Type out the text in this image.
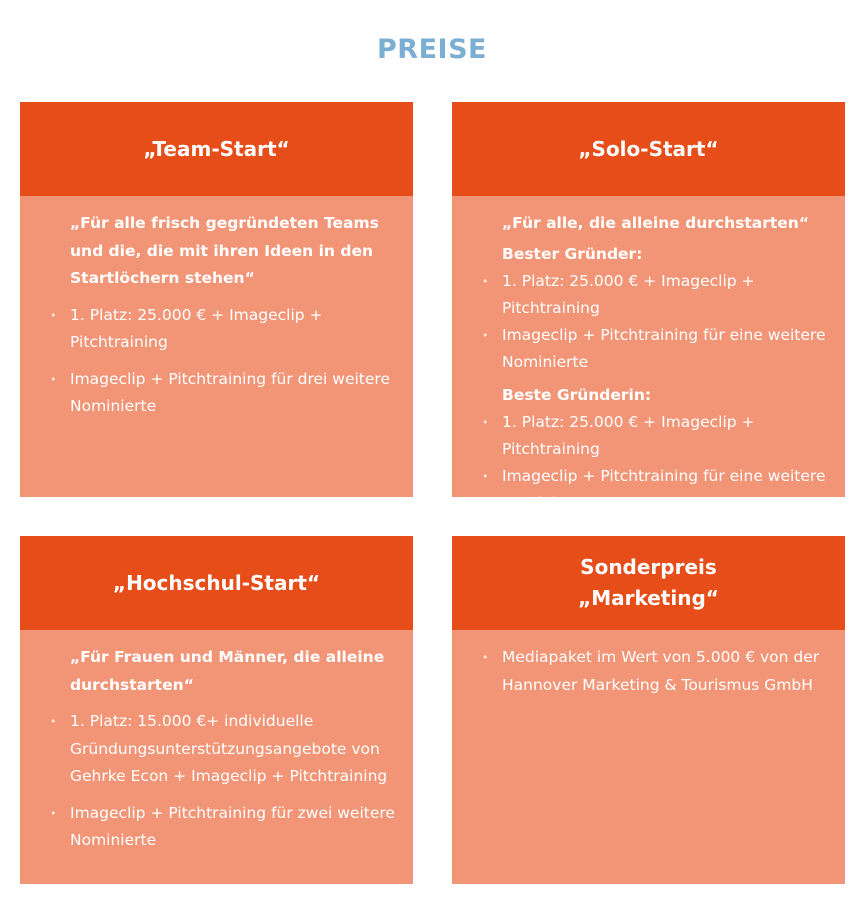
PREISE
„Team-Start“
„Für alle frisch gegründeten Teams und die, die mit ihren Ideen in den Startlöchern stehen“
• 1. Platz: 25.000 € + Imageclip + Pitchtraining
• Imageclip + Pitchtraining für drei weitere Nominierte
„Solo-Start“
„Für alle, die alleine durchstarten“
Bester Gründer:
• 1. Platz: 25.000 € + Imageclip + Pitchtraining
• Imageclip + Pitchtraining für eine weitere Nominierte
Beste Gründerin:
• 1. Platz: 25.000 € + Imageclip + Pitchtraining
• Imageclip + Pitchtraining für eine weitere Nominierte
„Hochschul-Start“
„Für Frauen und Männer, die alleine durchstarten“
• 1. Platz: 15.000 €+ individuelle Gründungsunterstützungsangebote von Gehrke Econ + Imageclip + Pitchtraining
• Imageclip + Pitchtraining für zwei weitere Nominierte
Sonderpreis
„Marketing“
• Mediapaket im Wert von 5.000 € von der Hannover Marketing & Tourismus GmbH
